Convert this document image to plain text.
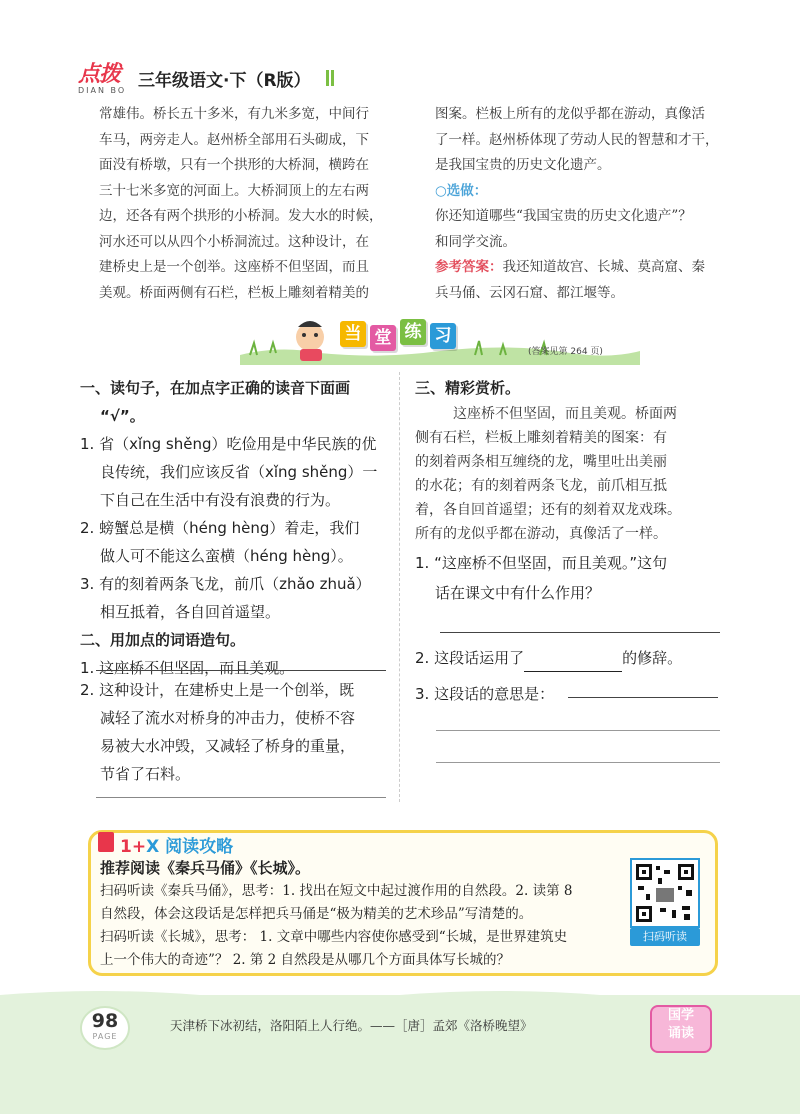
点拨
DIAN BO 三年级语文·下（R版）
常雄伟。桥长五十多米，有九米多宽，中间行
车马，两旁走人。赵州桥全部用石头砌成，下
面没有桥墩，只有一个拱形的大桥洞，横跨在
三十七米多宽的河面上。大桥洞顶上的左右两
边，还各有两个拱形的小桥洞。发大水的时候，
河水还可以从四个小桥洞流过。这种设计，在
建桥史上是一个创举。这座桥不但坚固，而且
美观。桥面两侧有石栏，栏板上雕刻着精美的
图案。栏板上所有的龙似乎都在游动，真像活
了一样。赵州桥体现了劳动人民的智慧和才干，
是我国宝贵的历史文化遗产。
○选做：
你还知道哪些“我国宝贵的历史文化遗产”？
和同学交流。
参考答案：我还知道故宫、长城、莫高窟、秦
兵马俑、云冈石窟、都江堰等。
当 堂 练 习
(答案见第 264 页)
一、读句子，在加点字正确的读音下面画
“√”。
1. 省（xǐng shěng）吃俭用是中华民族的优
良传统，我们应该反省（xǐng shěng）一
下自己在生活中有没有浪费的行为。
2. 螃蟹总是横（héng hèng）着走，我们
做人可不能这么蛮横（héng hèng）。
3. 有的刻着两条飞龙，前爪（zhǎo zhuǎ）
相互抵着，各自回首遥望。
二、用加点的词语造句。
1. 这座桥不但坚固，而且美观。
2. 这种设计，在建桥史上是一个创举，既
减轻了流水对桥身的冲击力，使桥不容
易被大水冲毁，又减轻了桥身的重量，
节省了石料。
三、精彩赏析。
这座桥不但坚固，而且美观。桥面两
侧有石栏，栏板上雕刻着精美的图案：有
的刻着两条相互缠绕的龙，嘴里吐出美丽
的水花；有的刻着两条飞龙，前爪相互抵
着，各自回首遥望；还有的刻着双龙戏珠。
所有的龙似乎都在游动，真像活了一样。
1. “这座桥不但坚固，而且美观。”这句
话在课文中有什么作用？
2. 这段话运用了	的修辞。
3. 这段话的意思是：
1+X 阅读攻略
推荐阅读《秦兵马俑》《长城》。
扫码听读《秦兵马俑》，思考：1. 找出在短文中起过渡作用的自然段。2. 读第 8
自然段，体会这段话是怎样把兵马俑是“极为精美的艺术珍品”写清楚的。
扫码听读《长城》，思考： 1. 文章中哪些内容使你感受到“长城，是世界建筑史
上一个伟大的奇迹”？ 2. 第 2 自然段是从哪几个方面具体写长城的？
扫码听读
98
PAGE
天津桥下冰初结，洛阳陌上人行绝。——［唐］孟郊《洛桥晚望》
国学
诵读
